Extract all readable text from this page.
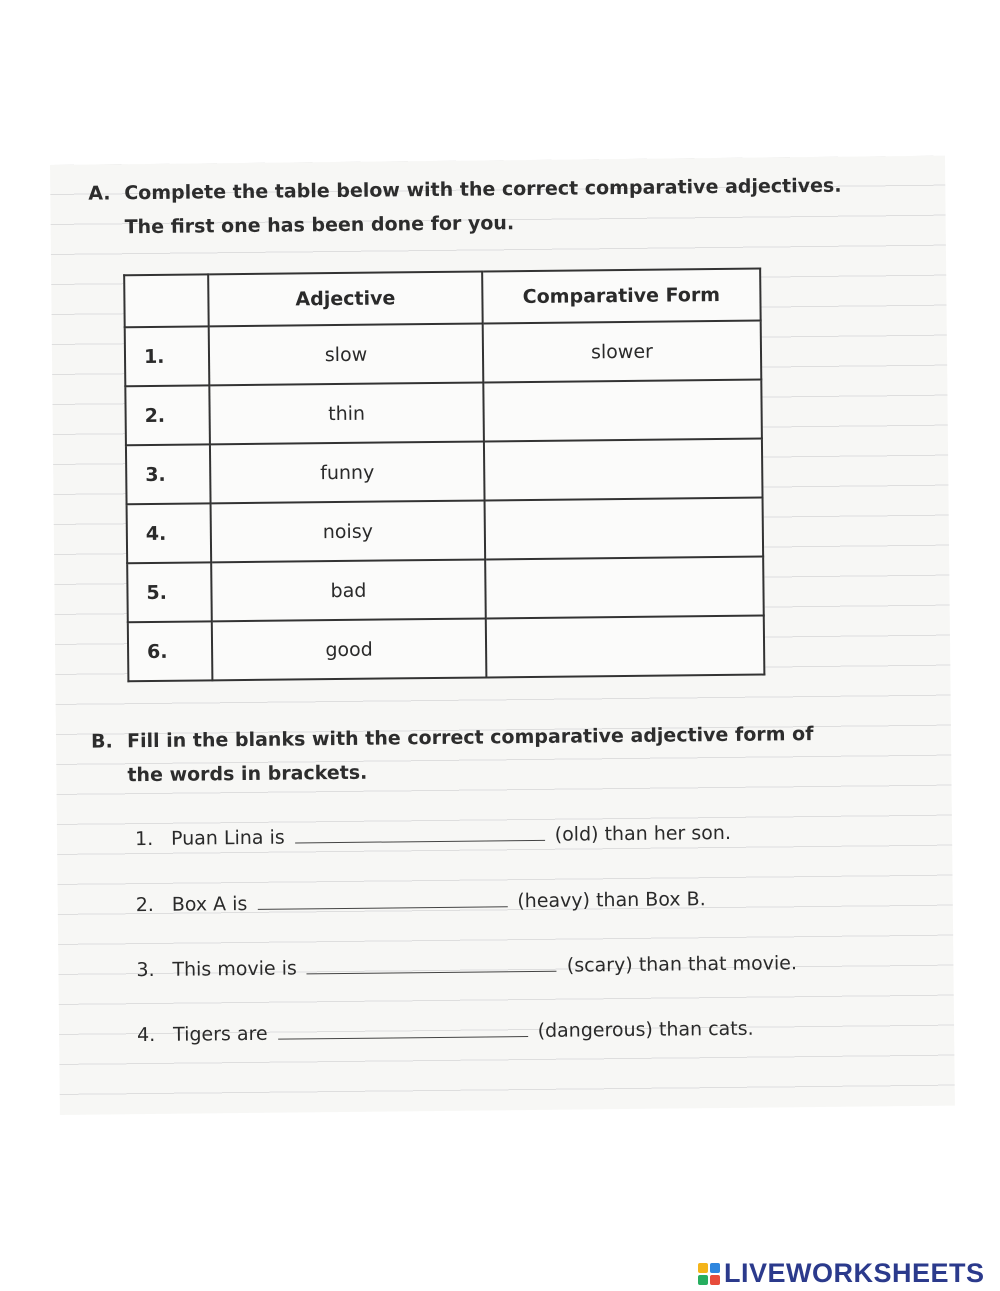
A. Complete the table below with the correct comparative adjectives.
The first one has been done for you.
	Adjective	Comparative Form
1.	slow	slower
2.	thin	
3.	funny	
4.	noisy	
5.	bad	
6.	good	
B. Fill in the blanks with the correct comparative adjective form of
the words in brackets.
1. Puan Lina is	(old) than her son.
2. Box A is	(heavy) than Box B.
3. This movie is	(scary) than that movie.
4. Tigers are	(dangerous) than cats.
LIVEWORKSHEETS
